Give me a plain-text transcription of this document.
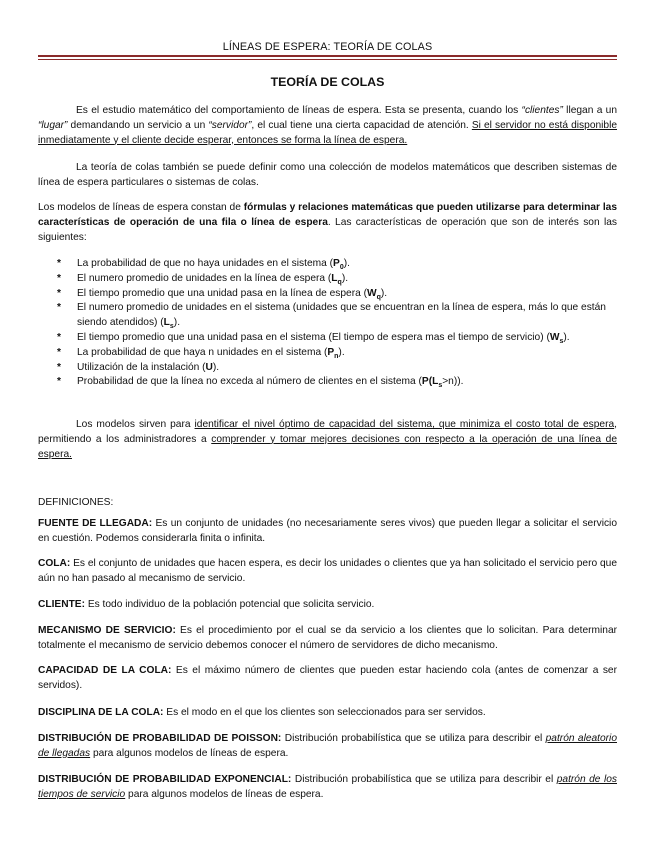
LÍNEAS DE ESPERA: TEORÍA DE COLAS
TEORÍA DE COLAS

Es el estudio matemático del comportamiento de líneas de espera. Esta se presenta, cuando los “clientes” llegan a un “lugar” demandando un servicio a un “servidor”, el cual tiene una cierta capacidad de atención. Si el servidor no está disponible inmediatamente y el cliente decide esperar, entonces se forma la línea de espera.

La teoría de colas también se puede definir como una colección de modelos matemáticos que describen sistemas de línea de espera particulares o sistemas de colas.

Los modelos de líneas de espera constan de fórmulas y relaciones matemáticas que pueden utilizarse para determinar las características de operación de una fila o línea de espera. Las características de operación que son de interés son las siguientes:

* La probabilidad de que no haya unidades en el sistema $(P_0)$.
* El numero promedio de unidades en la línea de espera $(L_q)$.
* El tiempo promedio que una unidad pasa en la línea de espera $(W_q)$.
* El numero promedio de unidades en el sistema (unidades que se encuentran en la línea de espera, más lo que están siendo atendidos) $(L_s)$.
* El tiempo promedio que una unidad pasa en el sistema (El tiempo de espera mas el tiempo de servicio) $(W_s)$.
* La probabilidad de que haya n unidades en el sistema $(P_n)$.
* Utilización de la instalación (U).
* Probabilidad de que la línea no exceda al número de clientes en el sistema $(P(L_s>n))$.

Los modelos sirven para identificar el nivel óptimo de capacidad del sistema, que minimiza el costo total de espera, permitiendo a los administradores a comprender y tomar mejores decisiones con respecto a la operación de una línea de espera.

DEFINICIONES:

FUENTE DE LLEGADA: Es un conjunto de unidades (no necesariamente seres vivos) que pueden llegar a solicitar el servicio en cuestión. Podemos considerarla finita o infinita.

COLA: Es el conjunto de unidades que hacen espera, es decir los unidades o clientes que ya han solicitado el servicio pero que aún no han pasado al mecanismo de servicio.

CLIENTE: Es todo individuo de la población potencial que solicita servicio.

MECANISMO DE SERVICIO: Es el procedimiento por el cual se da servicio a los clientes que lo solicitan. Para determinar totalmente el mecanismo de servicio debemos conocer el número de servidores de dicho mecanismo.

CAPACIDAD DE LA COLA: Es el máximo número de clientes que pueden estar haciendo cola (antes de comenzar a ser servidos).

DISCIPLINA DE LA COLA: Es el modo en el que los clientes son seleccionados para ser servidos.

DISTRIBUCIÓN DE PROBABILIDAD DE POISSON: Distribución probabilística que se utiliza para describir el patrón aleatorio de llegadas para algunos modelos de líneas de espera.

DISTRIBUCIÓN DE PROBABILIDAD EXPONENCIAL: Distribución probabilística que se utiliza para describir el patrón de los tiempos de servicio para algunos modelos de líneas de espera.
